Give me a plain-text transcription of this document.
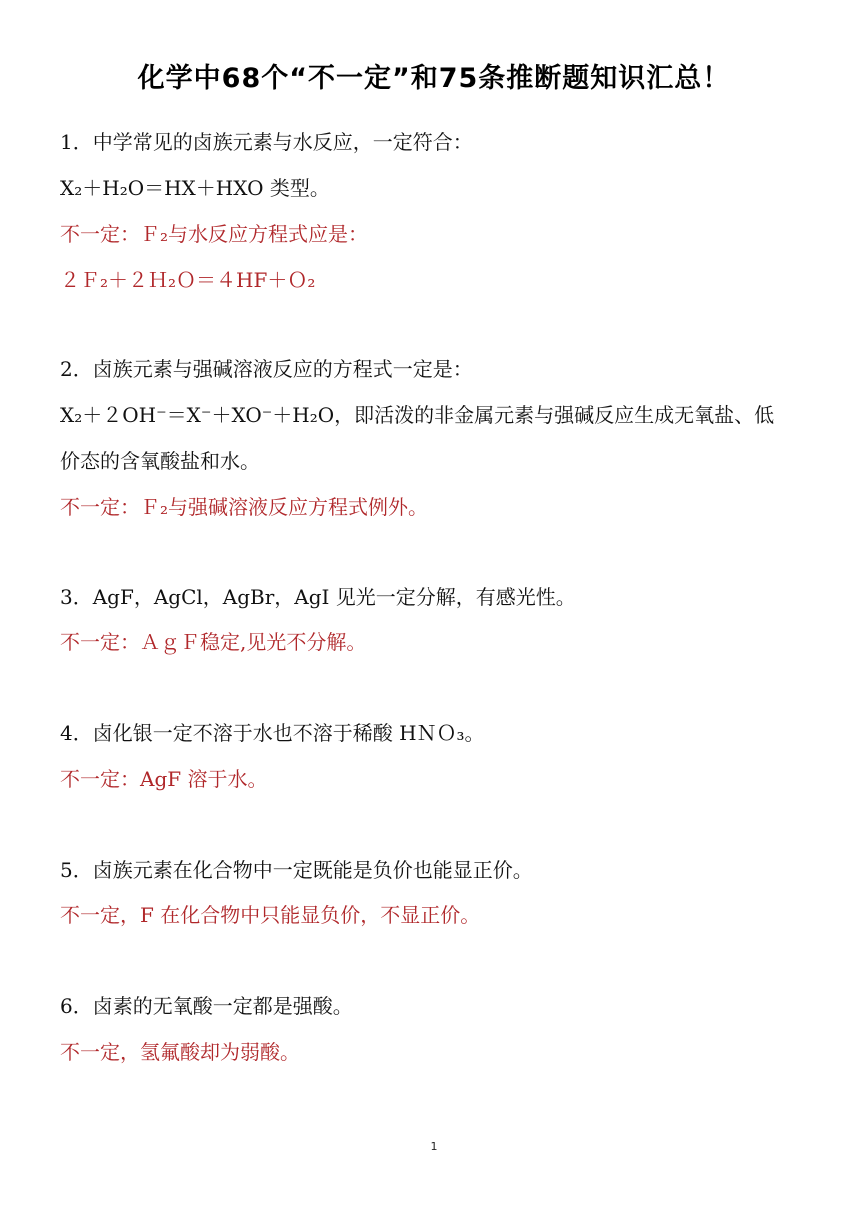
化学中68个“不一定”和75条推断题知识汇总！
1．中学常见的卤族元素与水反应，一定符合：
X₂＋H₂O＝HX＋HXO 类型。
不一定：Ｆ₂与水反应方程式应是：
２Ｆ₂＋２Ｈ₂Ｏ＝４HF＋Ｏ₂
2．卤族元素与强碱溶液反应的方程式一定是：
X₂＋２OH⁻＝X⁻＋XO⁻＋H₂O，即活泼的非金属元素与强碱反应生成无氧盐、低
价态的含氧酸盐和水。
不一定：Ｆ₂与强碱溶液反应方程式例外。
3．AgF，AgCl，AgBr，AgI 见光一定分解，有感光性。
不一定：ＡｇＦ稳定,见光不分解。
4．卤化银一定不溶于水也不溶于稀酸 HＮＯ₃。
不一定：AgF 溶于水。
5．卤族元素在化合物中一定既能是负价也能显正价。
不一定，F 在化合物中只能显负价，不显正价。
6．卤素的无氧酸一定都是强酸。
不一定，氢氟酸却为弱酸。
1
